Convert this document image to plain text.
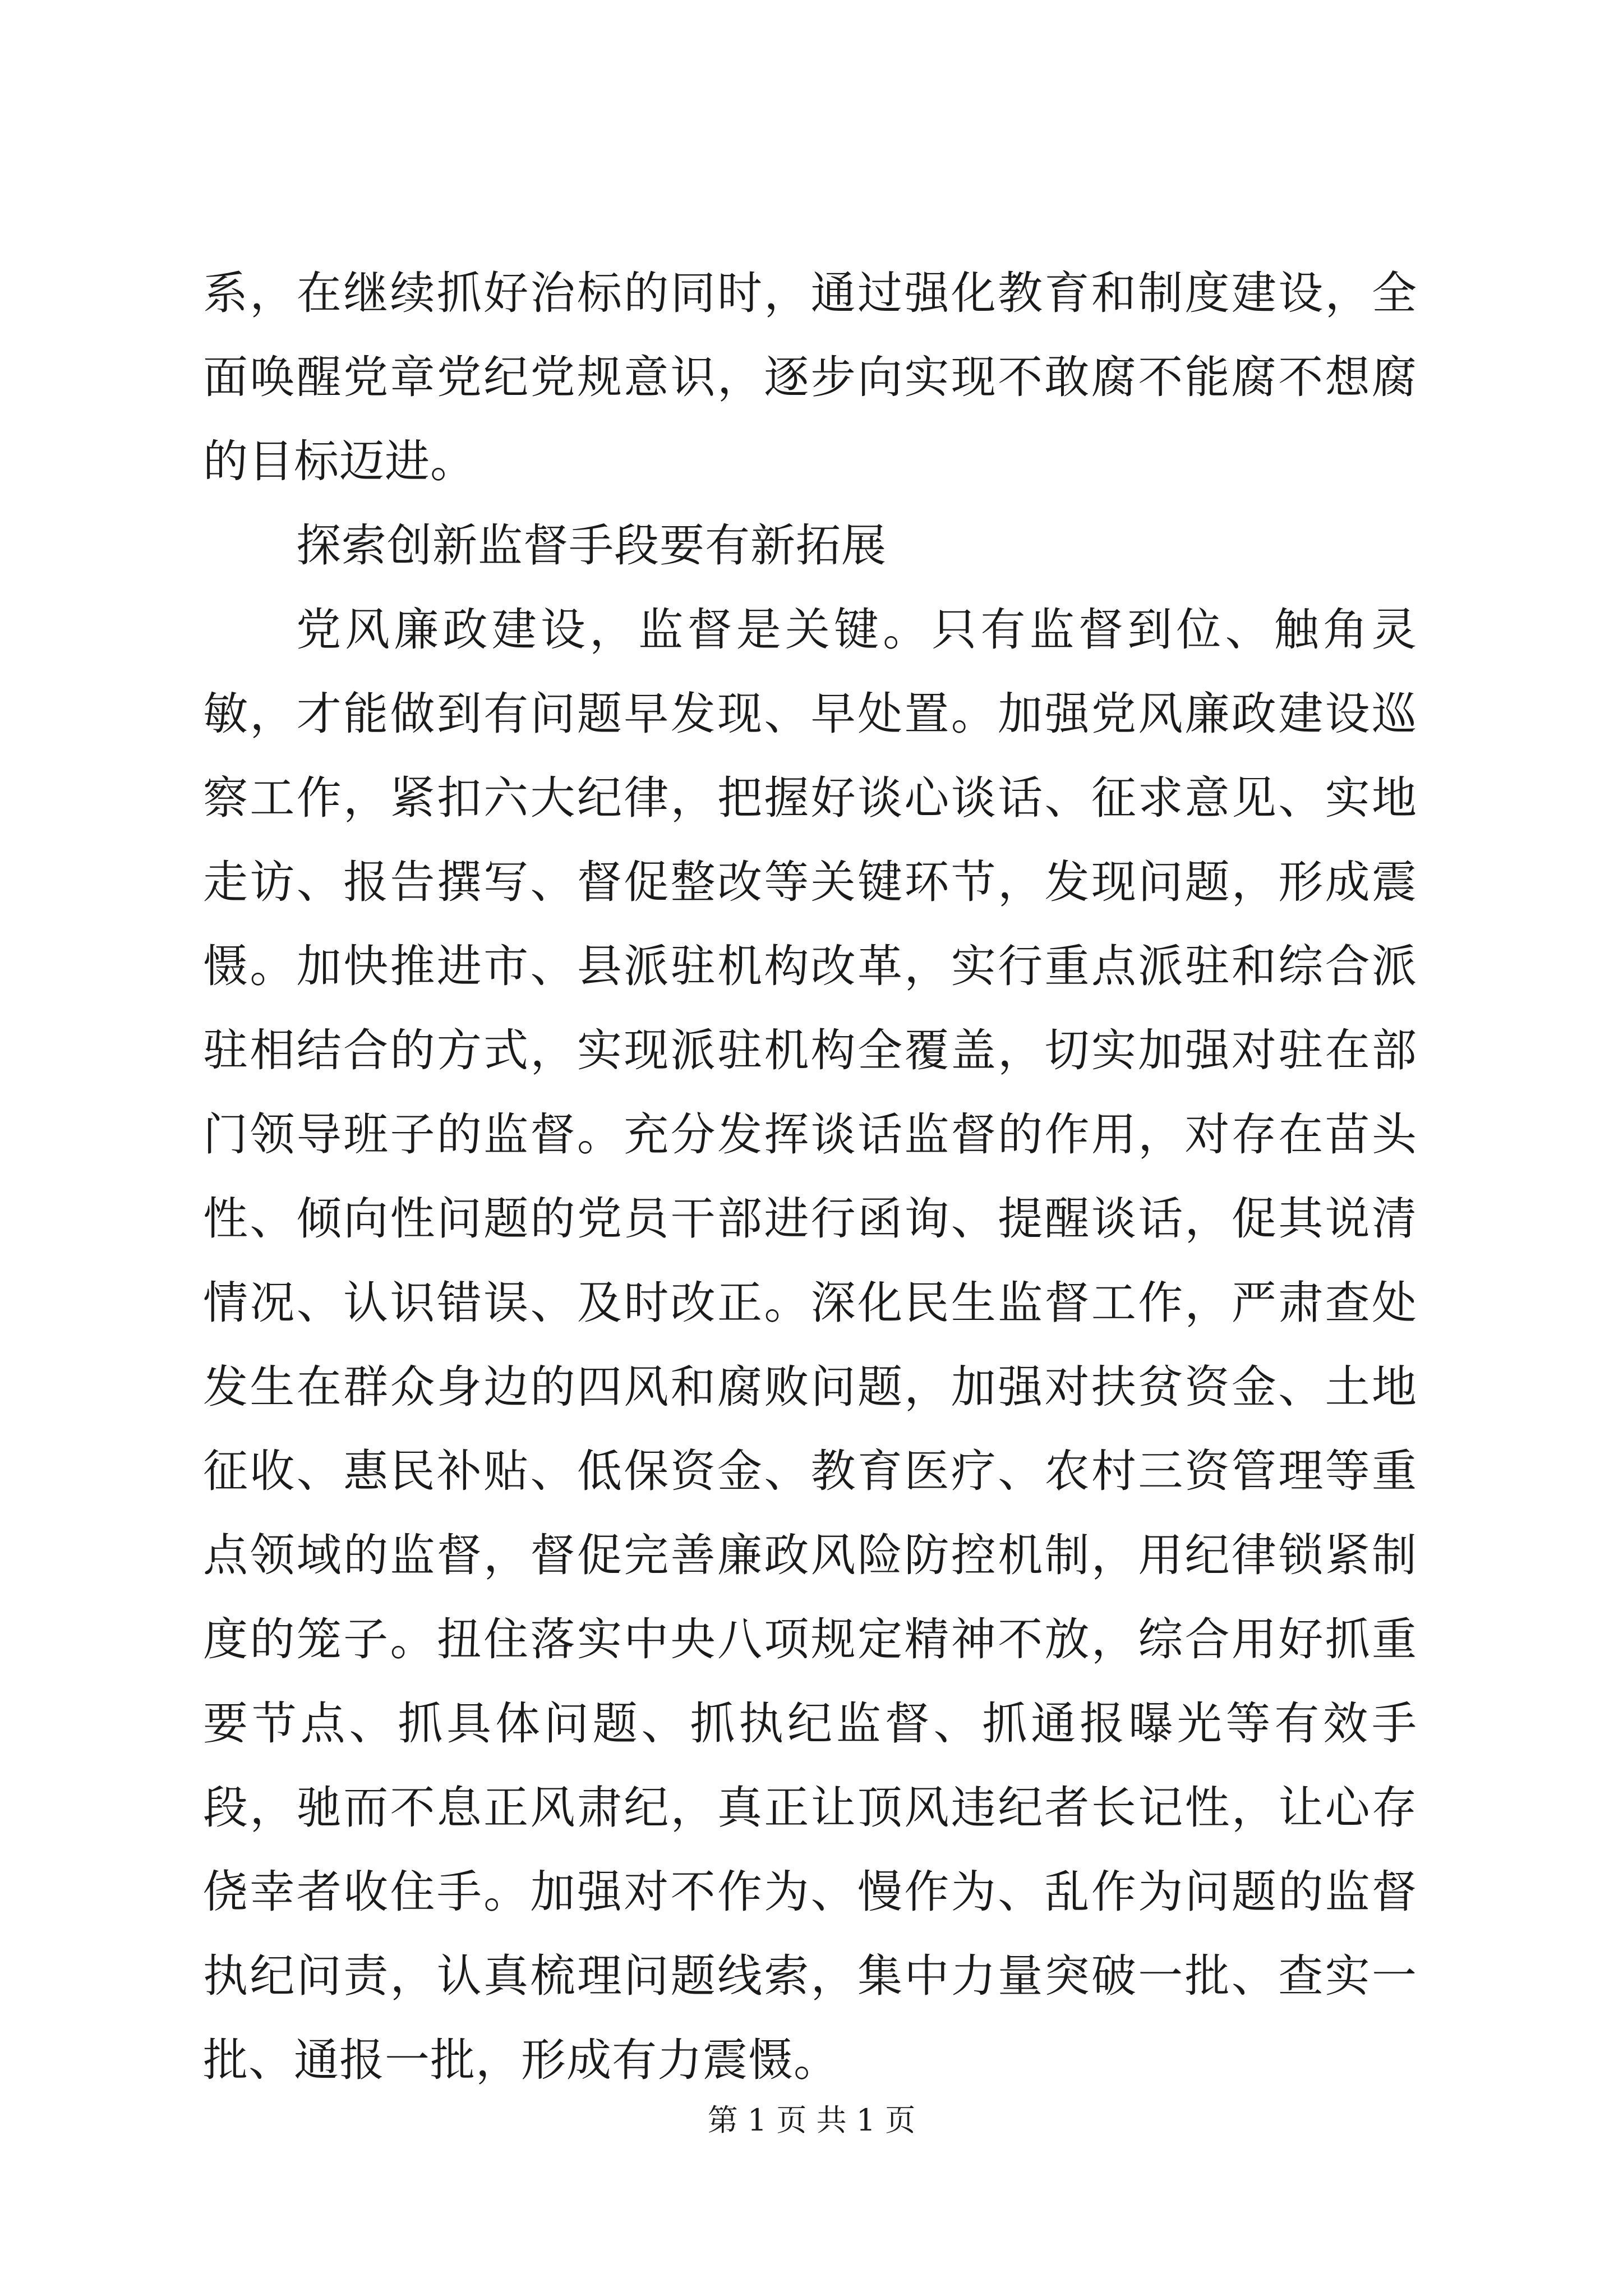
系，在继续抓好治标的同时，通过强化教育和制度建设，全面唤醒党章党纪党规意识，逐步向实现不敢腐不能腐不想腐的目标迈进。

探索创新监督手段要有新拓展

党风廉政建设，监督是关键。只有监督到位、触角灵敏，才能做到有问题早发现、早处置。加强党风廉政建设巡察工作，紧扣六大纪律，把握好谈心谈话、征求意见、实地走访、报告撰写、督促整改等关键环节，发现问题，形成震慑。加快推进市、县派驻机构改革，实行重点派驻和综合派驻相结合的方式，实现派驻机构全覆盖，切实加强对驻在部门领导班子的监督。充分发挥谈话监督的作用，对存在苗头性、倾向性问题的党员干部进行函询、提醒谈话，促其说清情况、认识错误、及时改正。深化民生监督工作，严肃查处发生在群众身边的四风和腐败问题，加强对扶贫资金、土地征收、惠民补贴、低保资金、教育医疗、农村三资管理等重点领域的监督，督促完善廉政风险防控机制，用纪律锁紧制度的笼子。扭住落实中央八项规定精神不放，综合用好抓重要节点、抓具体问题、抓执纪监督、抓通报曝光等有效手段，驰而不息正风肃纪，真正让顶风违纪者长记性，让心存侥幸者收住手。加强对不作为、慢作为、乱作为问题的监督执纪问责，认真梳理问题线索，集中力量突破一批、查实一批、通报一批，形成有力震慑。

第 1 页 共 1 页
